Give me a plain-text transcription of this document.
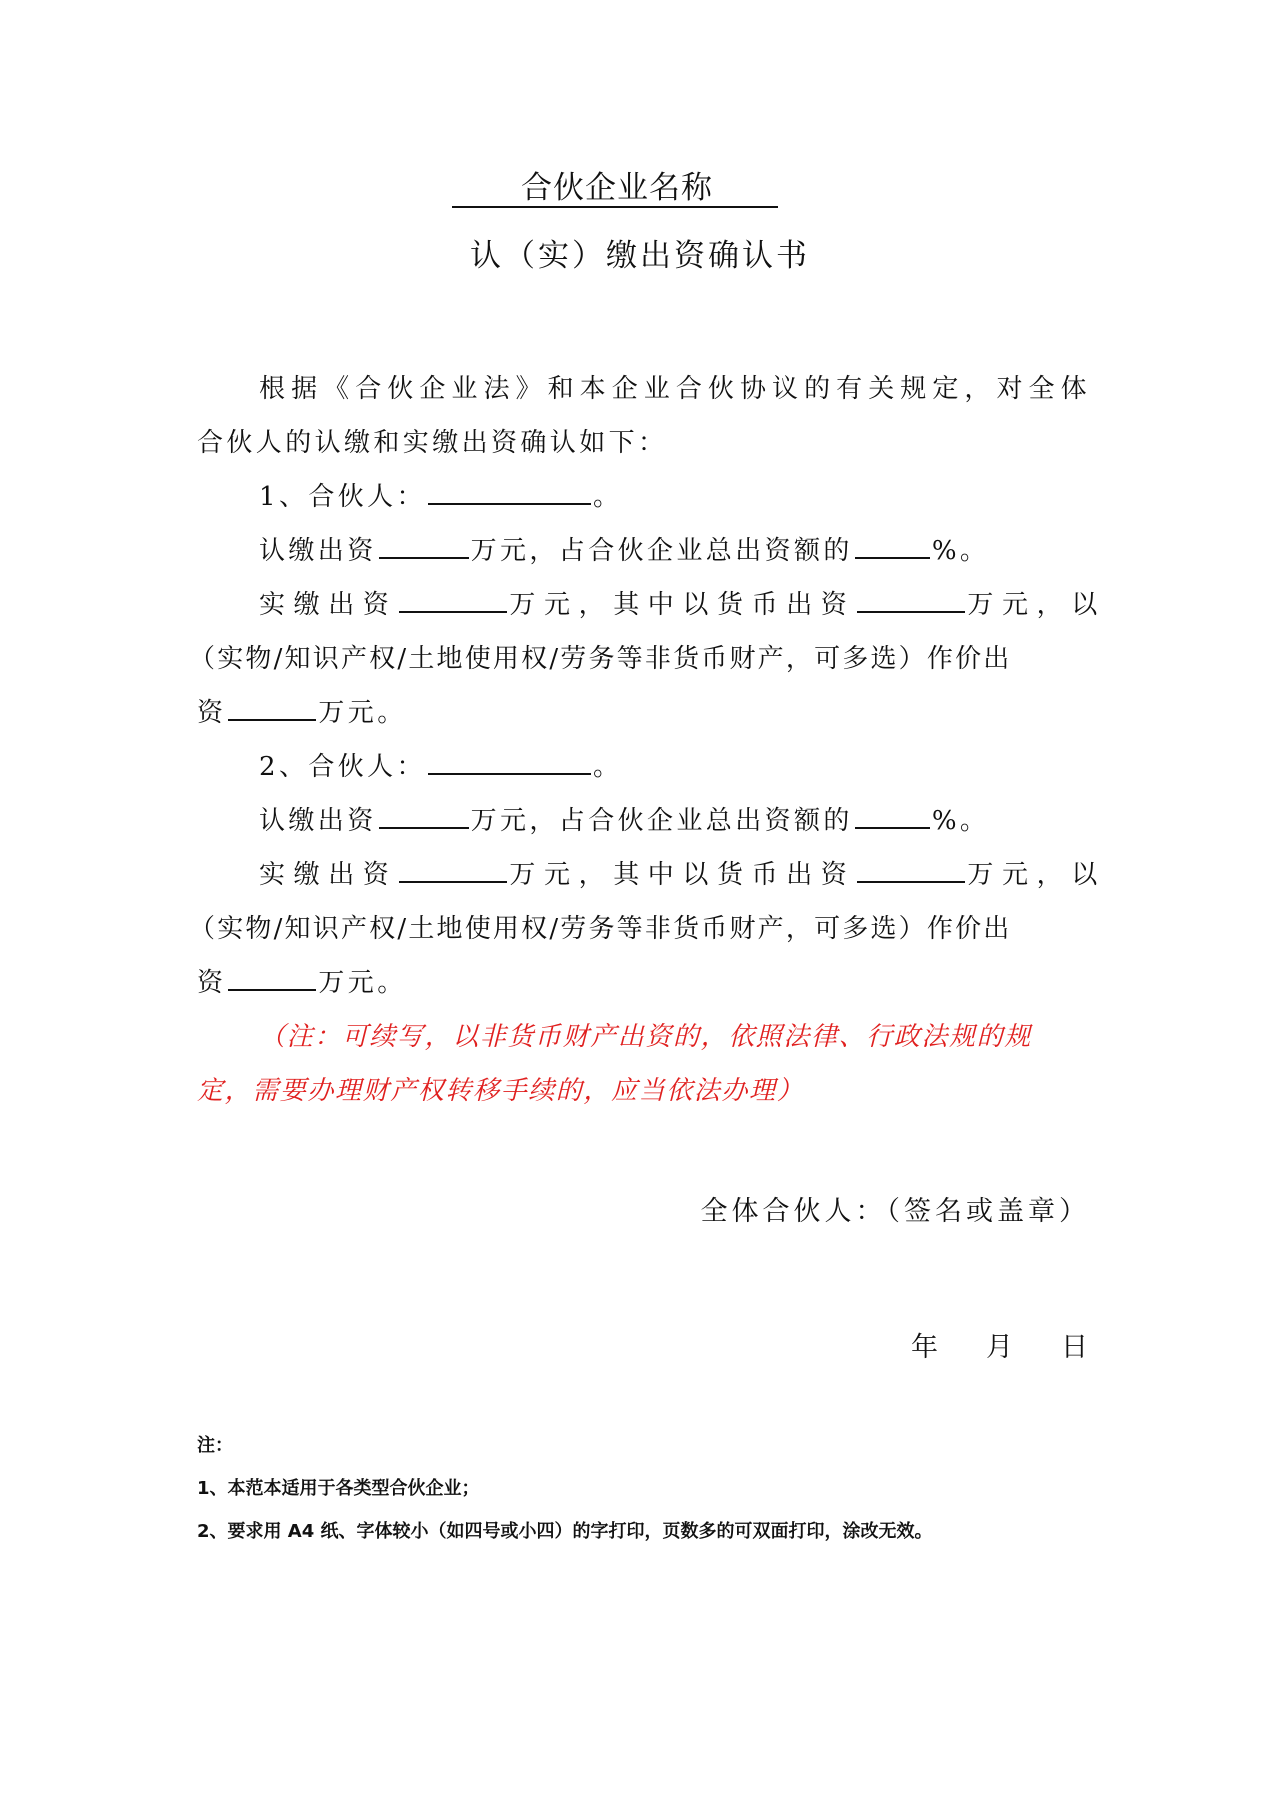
合伙企业名称
认（实）缴出资确认书
根据《合伙企业法》和本企业合伙协议的有关规定，对全体
合伙人的认缴和实缴出资确认如下：
1、合伙人：	。
认缴出资	万元，占合伙企业总出资额的	%。
实缴出资	万元，其中以货币出资	万元，以
（实物/知识产权/土地使用权/劳务等非货币财产，可多选）作价出
资	万元。
2、合伙人：	。
认缴出资	万元，占合伙企业总出资额的	%。
实缴出资	万元，其中以货币出资	万元，以
（实物/知识产权/土地使用权/劳务等非货币财产，可多选）作价出
资	万元。
（注：可续写，以非货币财产出资的，依照法律、行政法规的规
定，需要办理财产权转移手续的，应当依法办理）
全体合伙人：（签名或盖章）
年 月 日
注：
1、本范本适用于各类型合伙企业；
2、要求用 A4 纸、字体较小（如四号或小四）的字打印，页数多的可双面打印，涂改无效。
